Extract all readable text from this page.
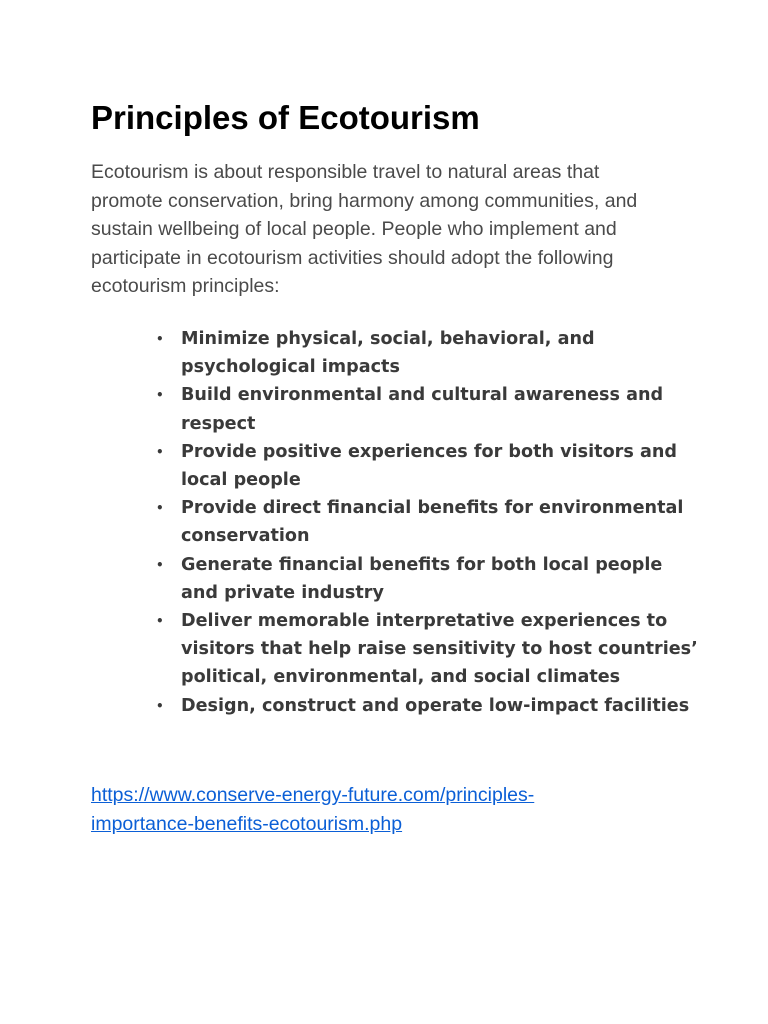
Principles of Ecotourism

Ecotourism is about responsible travel to natural areas that
promote conservation, bring harmony among communities, and
sustain wellbeing of local people. People who implement and
participate in ecotourism activities should adopt the following
ecotourism principles:

• Minimize physical, social, behavioral, and
psychological impacts
• Build environmental and cultural awareness and
respect
• Provide positive experiences for both visitors and
local people
• Provide direct financial benefits for environmental
conservation
• Generate financial benefits for both local people
and private industry
• Deliver memorable interpretative experiences to
visitors that help raise sensitivity to host countries’
political, environmental, and social climates
• Design, construct and operate low-impact facilities
https://www.conserve-energy-future.com/principles-
importance-benefits-ecotourism.php
